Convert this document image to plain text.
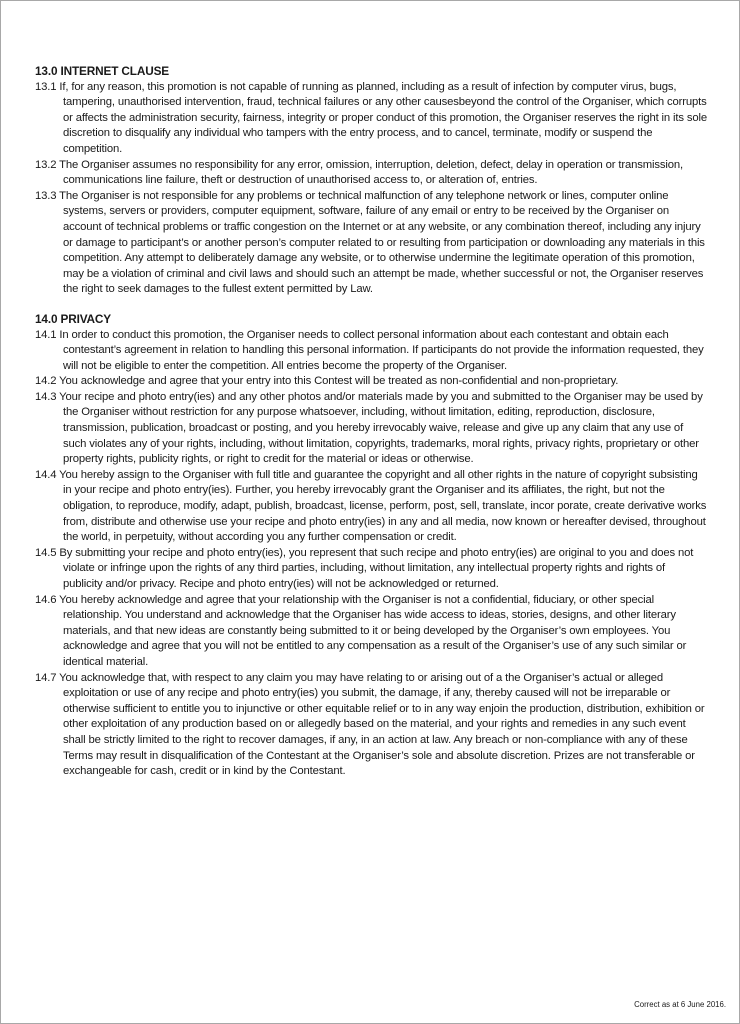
13.0 INTERNET CLAUSE

13.1 If, for any reason, this promotion is not capable of running as planned, including as a result of infection by computer virus, bugs, tampering, unauthorised intervention, fraud, technical failures or any other causesbeyond the control of the Organiser, which corrupts or affects the administration security, fairness, integrity or proper conduct of this promotion, the Organiser reserves the right in its sole discretion to disqualify any individual who tampers with the entry process, and to cancel, terminate, modify or suspend the competition.

13.2 The Organiser assumes no responsibility for any error, omission, interruption, deletion, defect, delay in operation or transmission, communications line failure, theft or destruction of unauthorised access to, or alteration of, entries.

13.3 The Organiser is not responsible for any problems or technical malfunction of any telephone network or lines, computer online systems, servers or providers, computer equipment, software, failure of any email or entry to be received by the Organiser on account of technical problems or traffic congestion on the Internet or at any website, or any combination thereof, including any injury or damage to participant’s or another person’s computer related to or resulting from participation or downloading any materials in this competition. Any attempt to deliberately damage any website, or to otherwise undermine the legitimate operation of this promotion, may be a violation of criminal and civil laws and should such an attempt be made, whether successful or not, the Organiser reserves the right to seek damages to the fullest extent permitted by Law.

14.0 PRIVACY

14.1 In order to conduct this promotion, the Organiser needs to collect personal information about each contestant and obtain each contestant’s agreement in relation to handling this personal information. If participants do not provide the information requested, they will not be eligible to enter the competition. All entries become the property of the Organiser.

14.2 You acknowledge and agree that your entry into this Contest will be treated as non-confidential and non-proprietary.

14.3 Your recipe and photo entry(ies) and any other photos and/or materials made by you and submitted to the Organiser may be used by the Organiser without restriction for any purpose whatsoever, including, without limitation, editing, reproduction, disclosure, transmission, publication, broadcast or posting, and you hereby irrevocably waive, release and give up any claim that any use of such violates any of your rights, including, without limitation, copyrights, trademarks, moral rights, privacy rights, proprietary or other property rights, publicity rights, or right to credit for the material or ideas or otherwise.

14.4 You hereby assign to the Organiser with full title and guarantee the copyright and all other rights in the nature of copyright subsisting in your recipe and photo entry(ies). Further, you hereby irrevocably grant the Organiser and its affiliates, the right, but not the obligation, to reproduce, modify, adapt, publish, broadcast, license, perform, post, sell, translate, incor porate, create derivative works from, distribute and otherwise use your recipe and photo entry(ies) in any and all media, now known or hereafter devised, throughout the world, in perpetuity, without according you any further compensation or credit.

14.5 By submitting your recipe and photo entry(ies), you represent that such recipe and photo entry(ies) are original to you and does not violate or infringe upon the rights of any third parties, including, without limitation, any intellectual property rights and rights of publicity and/or privacy. Recipe and photo entry(ies) will not be acknowledged or returned.

14.6 You hereby acknowledge and agree that your relationship with the Organiser is not a confidential, fiduciary, or other special relationship. You understand and acknowledge that the Organiser has wide access to ideas, stories, designs, and other literary materials, and that new ideas are constantly being submitted to it or being developed by the Organiser’s own employees. You acknowledge and agree that you will not be entitled to any compensation as a result of the Organiser’s use of any such similar or identical material.

14.7 You acknowledge that, with respect to any claim you may have relating to or arising out of a the Organiser’s actual or alleged exploitation or use of any recipe and photo entry(ies) you submit, the damage, if any, thereby caused will not be irreparable or otherwise sufficient to entitle you to injunctive or other equitable relief or to in any way enjoin the production, distribution, exhibition or other exploitation of any production based on or allegedly based on the material, and your rights and remedies in any such event shall be strictly limited to the right to recover damages, if any, in an action at law. Any breach or non-compliance with any of these Terms may result in disqualification of the Contestant at the Organiser’s sole and absolute discretion. Prizes are not transferable or exchangeable for cash, credit or in kind by the Contestant.

Correct as at 6 June 2016.
